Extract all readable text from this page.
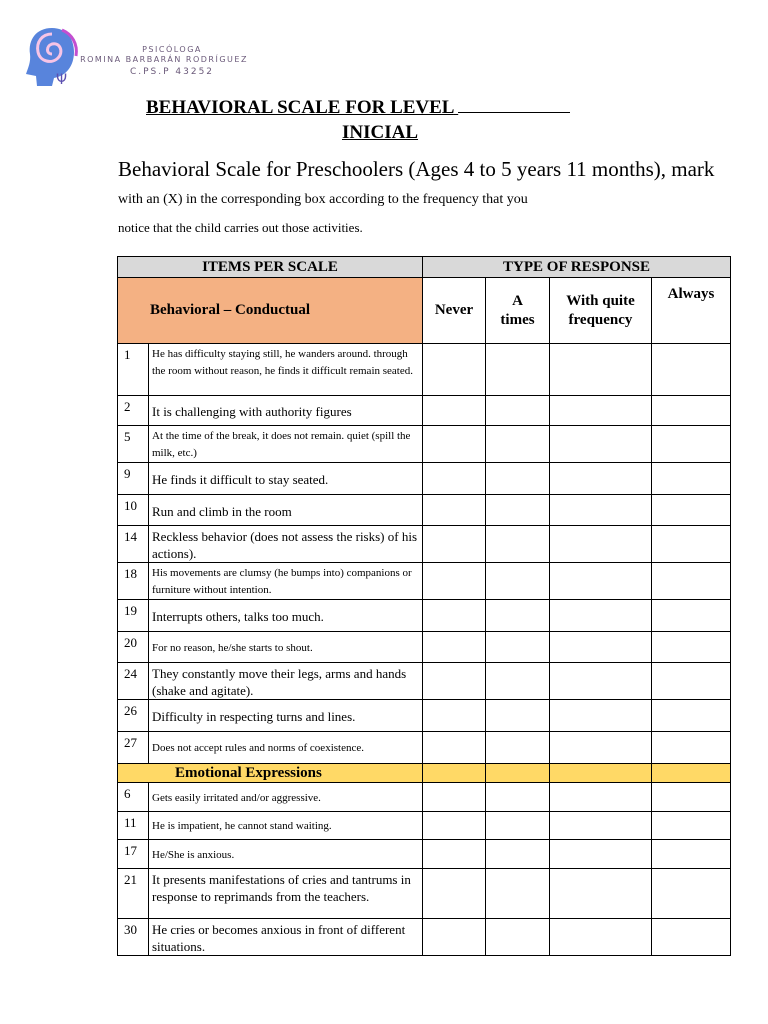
Ψ
PSICÓLOGA
ROMINA BARBARÁN RODRÍGUEZ
C.PS.P 43252
BEHAVIORAL SCALE FOR LEVEL
INICIAL
Behavioral Scale for Preschoolers (Ages 4 to 5 years 11 months), mark
with an (X) in the corresponding box according to the frequency that you
notice that the child carries out those activities.
ITEMS PER SCALE		TYPE OF RESPONSE			
Behavioral – Conductual		Never	A times	With quite frequency	Always
1	He has difficulty staying still, he wanders around. through the room without reason, he finds it difficult remain seated.				
2	It is challenging with authority figures				
5	At the time of the break, it does not remain. quiet (spill the milk, etc.)				
9	He finds it difficult to stay seated.				
10	Run and climb in the room				
14	Reckless behavior (does not assess the risks) of his actions).				
18	His movements are clumsy (he bumps into) companions or furniture without intention.				
19	Interrupts others, talks too much.				
20	For no reason, he/she starts to shout.				
24	They constantly move their legs, arms and hands (shake and agitate).				
26	Difficulty in respecting turns and lines.				
27	Does not accept rules and norms of coexistence.				
Emotional Expressions					
6	Gets easily irritated and/or aggressive.				
11	He is impatient, he cannot stand waiting.				
17	He/She is anxious.				
21	It presents manifestations of cries and tantrums in response to reprimands from the teachers.				
30	He cries or becomes anxious in front of different situations.				
